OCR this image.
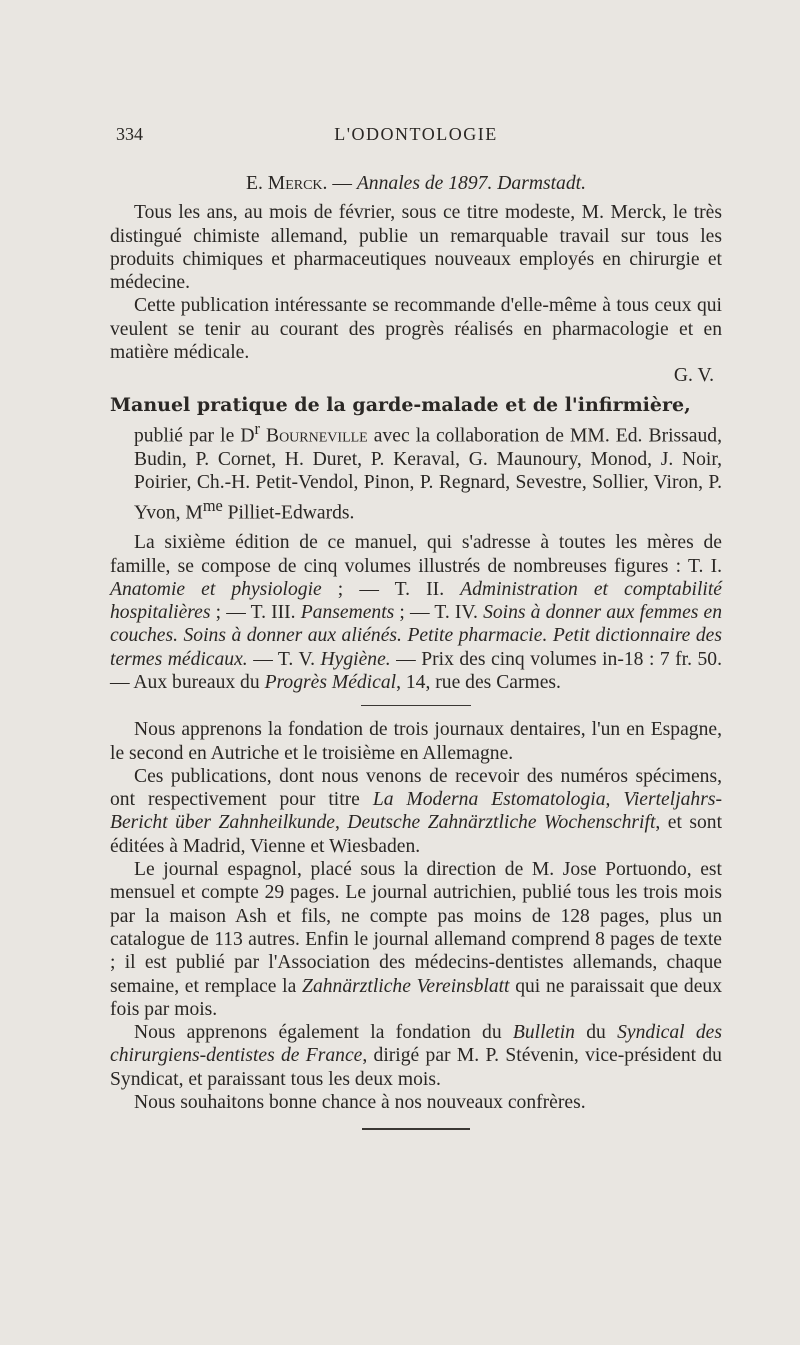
334	L'ODONTOLOGIE

E. Merck. — Annales de 1897. Darmstadt.

Tous les ans, au mois de février, sous ce titre modeste, M. Merck, le très distingué chimiste allemand, publie un remarquable travail sur tous les produits chimiques et pharmaceutiques nouveaux employés en chirurgie et médecine.

Cette publication intéressante se recommande d'elle-même à tous ceux qui veulent se tenir au courant des progrès réalisés en pharmacologie et en matière médicale.

G. V.

Manuel pratique de la garde-malade et de l'infirmière,

publié par le $D^r$ Bourneville avec la collaboration de MM. Ed. Brissaud, Budin, P. Cornet, H. Duret, P. Keraval, G. Maunoury, Monod, J. Noir, Poirier, Ch.-H. Petit-Vendol, Pinon, P. Regnard, Sevestre, Sollier, Viron, P. Yvon, $M^{me}$ Pilliet-Edwards.

La sixième édition de ce manuel, qui s'adresse à toutes les mères de famille, se compose de cinq volumes illustrés de nombreuses figures : T. I. Anatomie et physiologie ; — T. II. Administration et comptabilité hospitalières ; — T. III. Pansements ; — T. IV. Soins à donner aux femmes en couches. Soins à donner aux aliénés. Petite pharmacie. Petit dictionnaire des termes médicaux. — T. V. Hygiène. — Prix des cinq volumes in-18 : 7 fr. 50. — Aux bureaux du Progrès Médical, 14, rue des Carmes.

Nous apprenons la fondation de trois journaux dentaires, l'un en Espagne, le second en Autriche et le troisième en Allemagne.

Ces publications, dont nous venons de recevoir des numéros spécimens, ont respectivement pour titre La Moderna Estomatologia, Vierteljahrs-Bericht über Zahnheilkunde, Deutsche Zahnärztliche Wochenschrift, et sont éditées à Madrid, Vienne et Wiesbaden.

Le journal espagnol, placé sous la direction de M. Jose Portuondo, est mensuel et compte 29 pages. Le journal autrichien, publié tous les trois mois par la maison Ash et fils, ne compte pas moins de 128 pages, plus un catalogue de 113 autres. Enfin le journal allemand comprend 8 pages de texte ; il est publié par l'Association des médecins-dentistes allemands, chaque semaine, et remplace la Zahnärztliche Vereinsblatt qui ne paraissait que deux fois par mois.

Nous apprenons également la fondation du Bulletin du Syndical des chirurgiens-dentistes de France, dirigé par M. P. Stévenin, vice-président du Syndicat, et paraissant tous les deux mois.

Nous souhaitons bonne chance à nos nouveaux confrères.
